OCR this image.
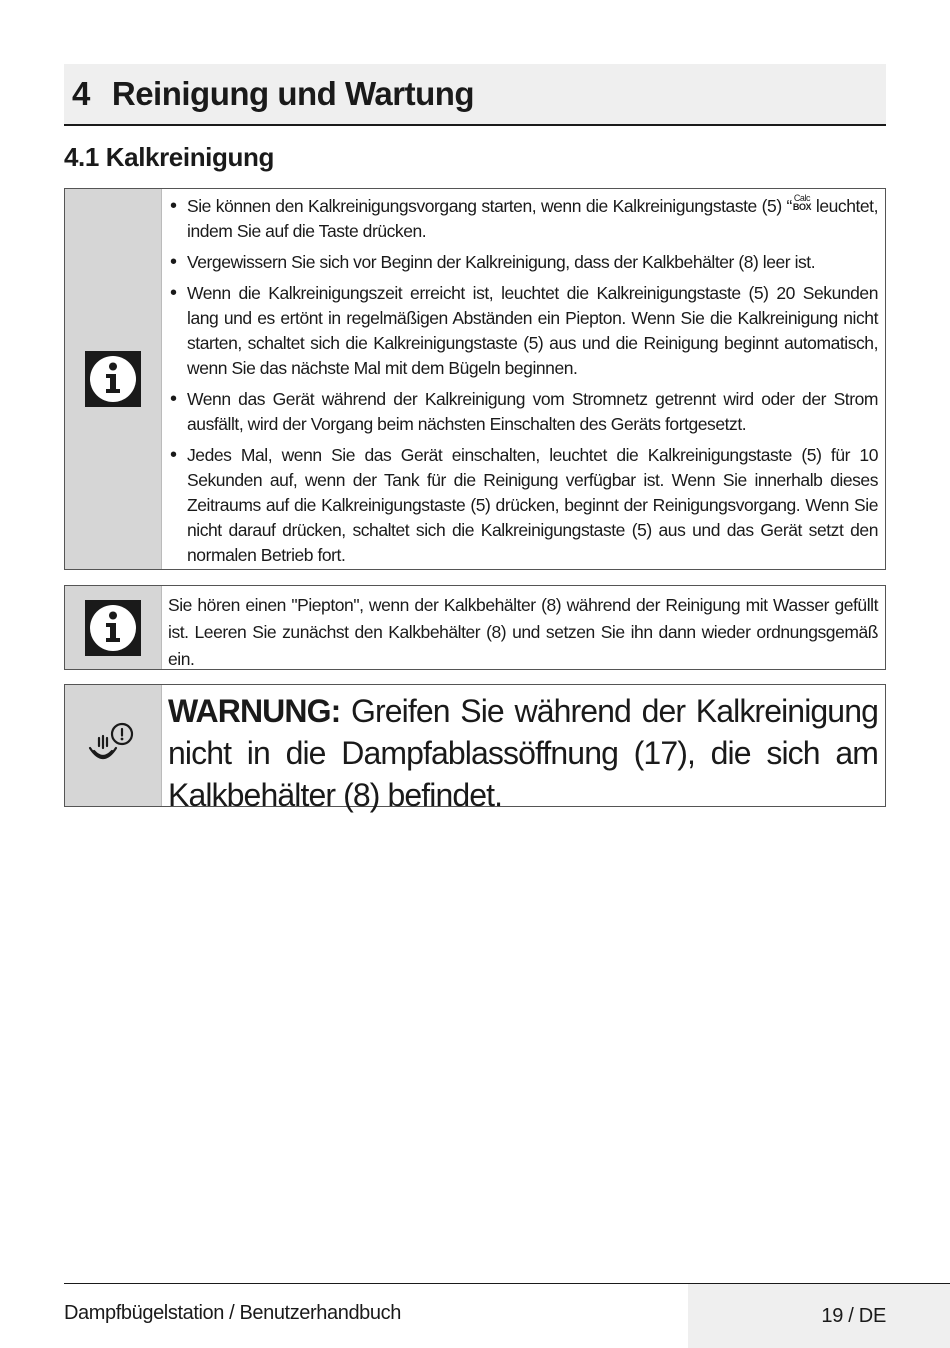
4 Reinigung und Wartung
4.1 Kalkreinigung
• Sie können den Kalkreinigungsvorgang starten, wenn die Kalkreinigungstaste (5) “ Calc
BOX leuchtet, indem Sie auf die Taste drücken.
• Vergewissern Sie sich vor Beginn der Kalkreinigung, dass der Kalkbehälter (8) leer ist.
• Wenn die Kalkreinigungszeit erreicht ist, leuchtet die Kalkreinigungstaste (5) 20 Sekunden lang und es ertönt in regelmäßigen Abständen ein Piepton. Wenn Sie die Kalkreinigung nicht starten, schaltet sich die Kalkreinigungstaste (5) aus und die Reinigung beginnt automatisch, wenn Sie das nächste Mal mit dem Bügeln beginnen.
• Wenn das Gerät während der Kalkreinigung vom Stromnetz getrennt wird oder der Strom ausfällt, wird der Vorgang beim nächsten Einschalten des Geräts fortgesetzt.
• Jedes Mal, wenn Sie das Gerät einschalten, leuchtet die Kalkreinigungstaste (5) für 10 Sekunden auf, wenn der Tank für die Reinigung verfügbar ist. Wenn Sie innerhalb dieses Zeitraums auf die Kalkreinigungstaste (5) drücken, beginnt der Reinigungsvorgang. Wenn Sie nicht darauf drücken, schaltet sich die Kalkreinigungstaste (5) aus und das Gerät setzt den normalen Betrieb fort.
Sie hören einen "Piepton", wenn der Kalkbehälter (8) während der Reinigung mit Wasser gefüllt ist. Leeren Sie zunächst den Kalkbehälter (8) und setzen Sie ihn dann wieder ordnungsgemäß ein.
WARNUNG: Greifen Sie während der Kalkreinigung nicht in die Dampfablassöffnung (17), die sich am Kalkbehälter (8) befindet.
Dampfbügelstation / Benutzerhandbuch	19 / DE
